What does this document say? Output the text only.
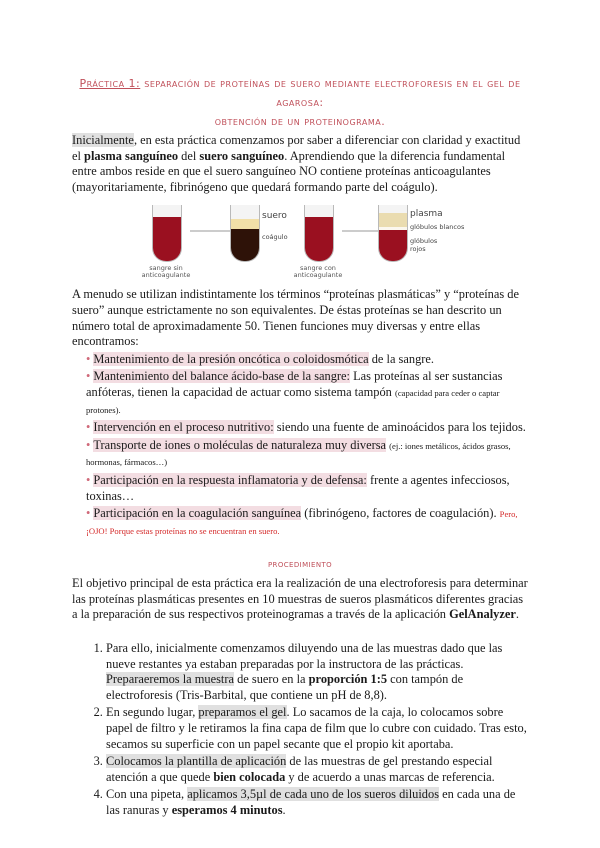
Práctica 1: separación de proteínas de suero mediante electroforesis en el gel de agarosa:
obtención de un proteinograma.

Inicialmente, en esta práctica comenzamos por saber a diferenciar con claridad y exactitud el plasma sanguíneo del suero sanguíneo. Aprendiendo que la diferencia fundamental entre ambos reside en que el suero sanguíneo NO contiene proteínas anticoagulantes (mayoritariamente, fibrinógeno que quedará formando parte del coágulo).

sangre sin anticoagulante
suero
coágulo
sangre con anticoagulante
plasma
glóbulos blancos
glóbulos rojos

A menudo se utilizan indistintamente los términos “proteínas plasmáticas” y “proteínas de suero” aunque estrictamente no son equivalentes. De éstas proteínas se han descrito un número total de aproximadamente 50. Tienen funciones muy diversas y entre ellas encontramos:

• Mantenimiento de la presión oncótica o coloidosmótica de la sangre.
• Mantenimiento del balance ácido-base de la sangre: Las proteínas al ser sustancias anfóteras, tienen la capacidad de actuar como sistema tampón (capacidad para ceder o captar protones).
• Intervención en el proceso nutritivo: siendo una fuente de aminoácidos para los tejidos.
• Transporte de iones o moléculas de naturaleza muy diversa (ej.: iones metálicos, ácidos grasos, hormonas, fármacos…)
• Participación en la respuesta inflamatoria y de defensa: frente a agentes infecciosos, toxinas…
• Participación en la coagulación sanguínea (fibrinógeno, factores de coagulación). Pero, ¡OJO! Porque estas proteínas no se encuentran en suero.
procedimiento

El objetivo principal de esta práctica era la realización de una electroforesis para determinar las proteínas plasmáticas presentes en 10 muestras de sueros plasmáticos diferentes gracias a la preparación de sus respectivos proteinogramas a través de la aplicación GelAnalyzer.

1. Para ello, inicialmente comenzamos diluyendo una de las muestras dado que las nueve restantes ya estaban preparadas por la instructora de las prácticas. Preparaeremos la muestra de suero en la proporción 1:5 con tampón de electroforesis (Tris-Barbital, que contiene un pH de 8,8).
2. En segundo lugar, preparamos el gel. Lo sacamos de la caja, lo colocamos sobre papel de filtro y le retiramos la fina capa de film que lo cubre con cuidado. Tras esto, secamos su superficie con un papel secante que el propio kit aportaba.
3. Colocamos la plantilla de aplicación de las muestras de gel prestando especial atención a que quede bien colocada y de acuerdo a unas marcas de referencia.
4. Con una pipeta, aplicamos 3,5µl de cada uno de los sueros diluidos en cada una de las ranuras y esperamos 4 minutos.
